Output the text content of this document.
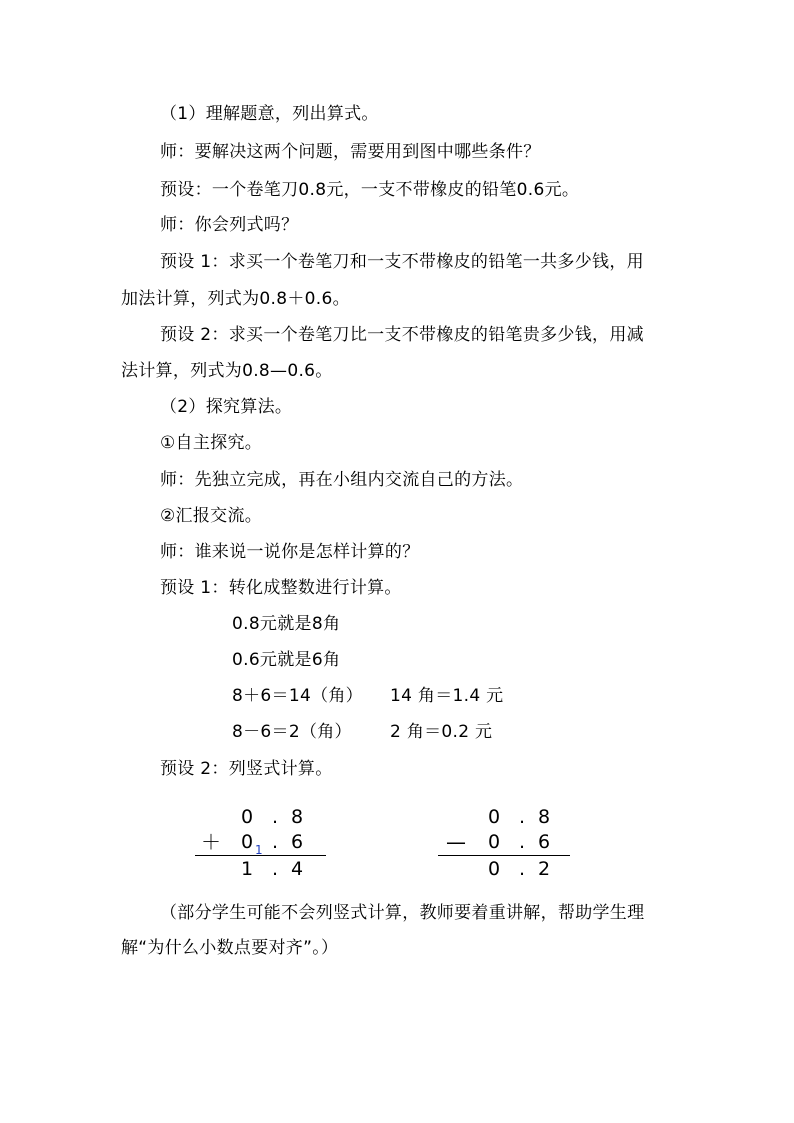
（1）理解题意，列出算式。
师：要解决这两个问题，需要用到图中哪些条件？
预设：一个卷笔刀0.8元，一支不带橡皮的铅笔0.6元。
师：你会列式吗？
预设 1：求买一个卷笔刀和一支不带橡皮的铅笔一共多少钱，用
加法计算，列式为0.8＋0.6。
预设 2：求买一个卷笔刀比一支不带橡皮的铅笔贵多少钱，用减
法计算，列式为0.8—0.6。
（2）探究算法。
①自主探究。
师：先独立完成，再在小组内交流自己的方法。
②汇报交流。
师：谁来说一说你是怎样计算的？
预设 1：转化成整数进行计算。
0.8元就是8角
0.6元就是6角
8＋6＝14（角） 14 角＝1.4 元
8－6＝2（角） 2 角＝0.2 元
预设 2：列竖式计算。
0 . 8
＋ 0 1 . 6
1 . 4
0 . 8
— 0 . 6
0 . 2
（部分学生可能不会列竖式计算，教师要着重讲解，帮助学生理
解“为什么小数点要对齐”。）
